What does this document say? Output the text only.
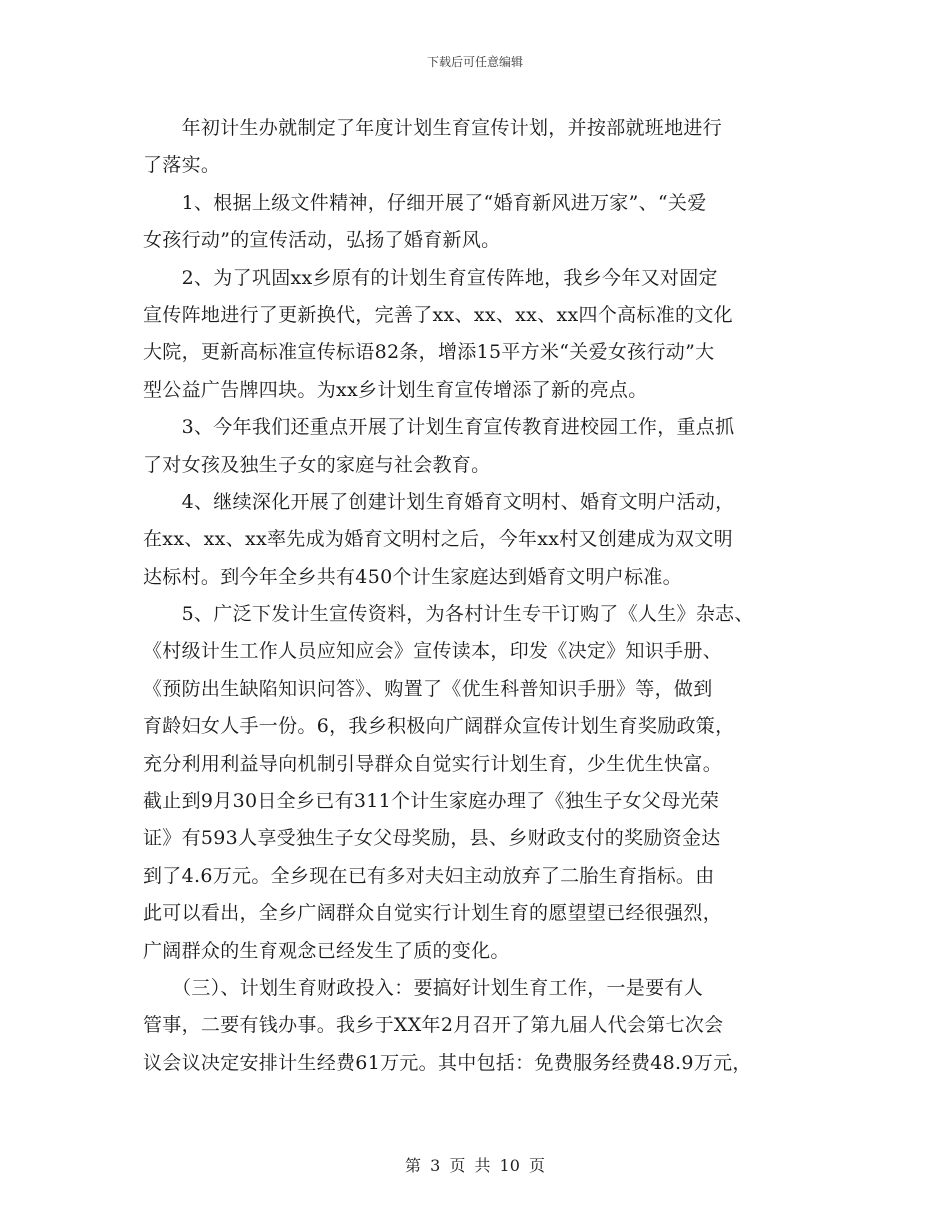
下载后可任意编辑
　　年初计生办就制定了年度计划生育宣传计划，并按部就班地进行
了落实。
　　1、根据上级文件精神，仔细开展了“婚育新风进万家”、“关爱
女孩行动”的宣传活动，弘扬了婚育新风。
　　2、为了巩固xx乡原有的计划生育宣传阵地，我乡今年又对固定
宣传阵地进行了更新换代，完善了xx、xx、xx、xx四个高标准的文化
大院，更新高标准宣传标语82条，增添15平方米“关爱女孩行动”大
型公益广告牌四块。为xx乡计划生育宣传增添了新的亮点。
　　3、今年我们还重点开展了计划生育宣传教育进校园工作，重点抓
了对女孩及独生子女的家庭与社会教育。
　　4、继续深化开展了创建计划生育婚育文明村、婚育文明户活动，
在xx、xx、xx率先成为婚育文明村之后，今年xx村又创建成为双文明
达标村。到今年全乡共有450个计生家庭达到婚育文明户标准。
　　5、广泛下发计生宣传资料，为各村计生专干订购了《人生》杂志、
《村级计生工作人员应知应会》宣传读本，印发《决定》知识手册、
《预防出生缺陷知识问答》、购置了《优生科普知识手册》等，做到
育龄妇女人手一份。6，我乡积极向广阔群众宣传计划生育奖励政策，
充分利用利益导向机制引导群众自觉实行计划生育，少生优生快富。
截止到9月30日全乡已有311个计生家庭办理了《独生子女父母光荣
证》有593人享受独生子女父母奖励，县、乡财政支付的奖励资金达
到了4.6万元。全乡现在已有多对夫妇主动放弃了二胎生育指标。由
此可以看出，全乡广阔群众自觉实行计划生育的愿望望已经很强烈，
广阔群众的生育观念已经发生了质的变化。
　　（三）、计划生育财政投入：要搞好计划生育工作，一是要有人
管事，二要有钱办事。我乡于XX年2月召开了第九届人代会第七次会
议会议决定安排计生经费61万元。其中包括：免费服务经费48.9万元，
第 3 页 共 10 页
